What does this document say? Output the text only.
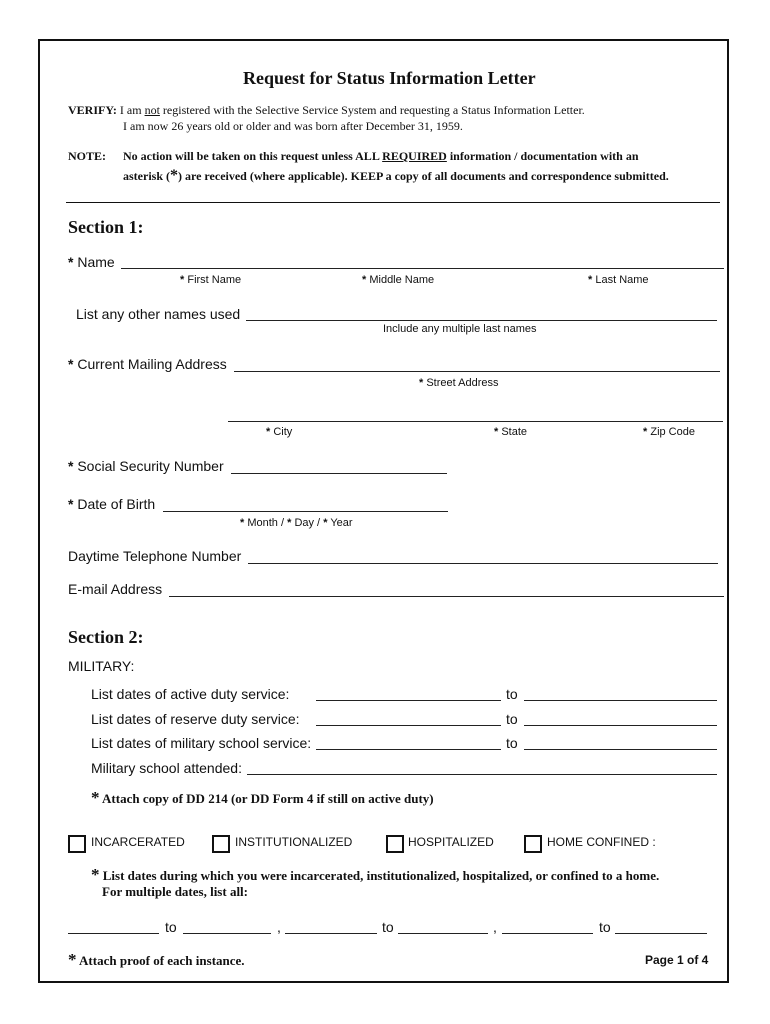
Request for Status Information Letter
VERIFY: I am not registered with the Selective Service System and requesting a Status Information Letter.
I am now 26 years old or older and was born after December 31, 1959.
NOTE: No action will be taken on this request unless ALL REQUIRED information / documentation with an
asterisk (*) are received (where applicable). KEEP a copy of all documents and correspondence submitted.
Section 1:
* Name
* First Name	* Middle Name	* Last Name
List any other names used
Include any multiple last names
* Current Mailing Address
* Street Address
* City	* State	* Zip Code
* Social Security Number
* Date of Birth
* Month / * Day / * Year
Daytime Telephone Number
E-mail Address
Section 2:
MILITARY:
List dates of active duty service:	to
List dates of reserve duty service:	to
List dates of military school service:	to
Military school attended:
* Attach copy of DD 214 (or DD Form 4 if still on active duty)
INCARCERATED	INSTITUTIONALIZED	HOSPITALIZED	HOME CONFINED :
* List dates during which you were incarcerated, institutionalized, hospitalized, or confined to a home.
For multiple dates, list all:
to	,	to	,	to
* Attach proof of each instance.	Page 1 of 4
